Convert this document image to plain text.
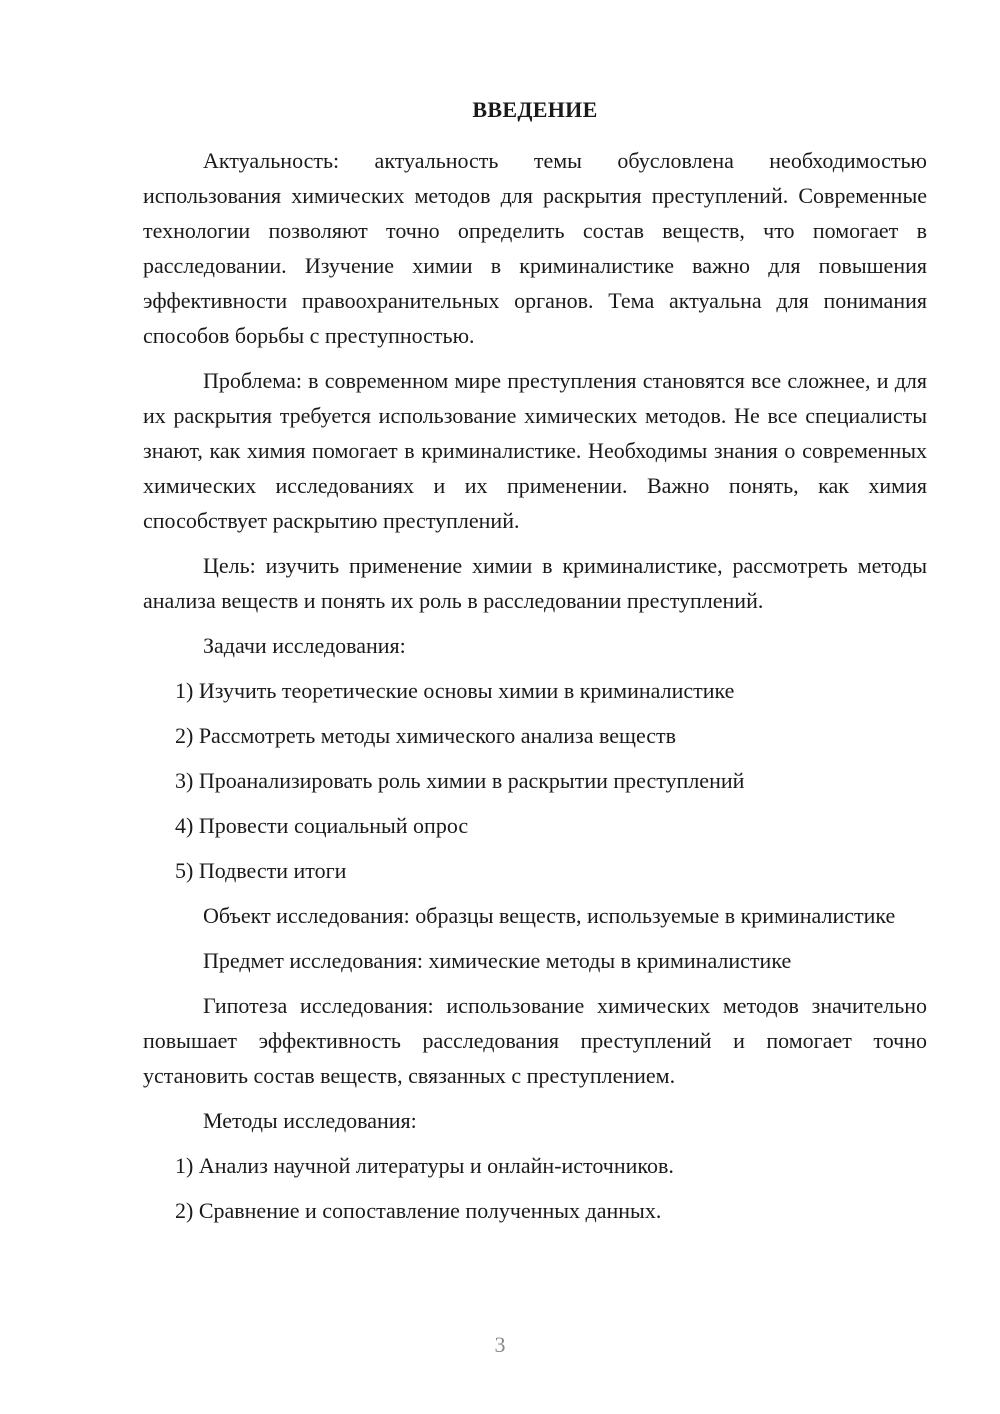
ВВЕДЕНИЕ

Актуальность: актуальность темы обусловлена необходимостью использования химических методов для раскрытия преступлений. Современные технологии позволяют точно определить состав веществ, что помогает в расследовании. Изучение химии в криминалистике важно для повышения эффективности правоохранительных органов. Тема актуальна для понимания способов борьбы с преступностью.

Проблема: в современном мире преступления становятся все сложнее, и для их раскрытия требуется использование химических методов. Не все специалисты знают, как химия помогает в криминалистике. Необходимы знания о современных химических исследованиях и их применении. Важно понять, как химия способствует раскрытию преступлений.

Цель: изучить применение химии в криминалистике, рассмотреть методы анализа веществ и понять их роль в расследовании преступлений.

Задачи исследования:

1) Изучить теоретические основы химии в криминалистике
2) Рассмотреть методы химического анализа веществ
3) Проанализировать роль химии в раскрытии преступлений
4) Провести социальный опрос
5) Подвести итоги

Объект исследования: образцы веществ, используемые в криминалистике

Предмет исследования: химические методы в криминалистике

Гипотеза исследования: использование химических методов значительно повышает эффективность расследования преступлений и помогает точно установить состав веществ, связанных с преступлением.

Методы исследования:

1) Анализ научной литературы и онлайн-источников.
2) Сравнение и сопоставление полученных данных.
3
